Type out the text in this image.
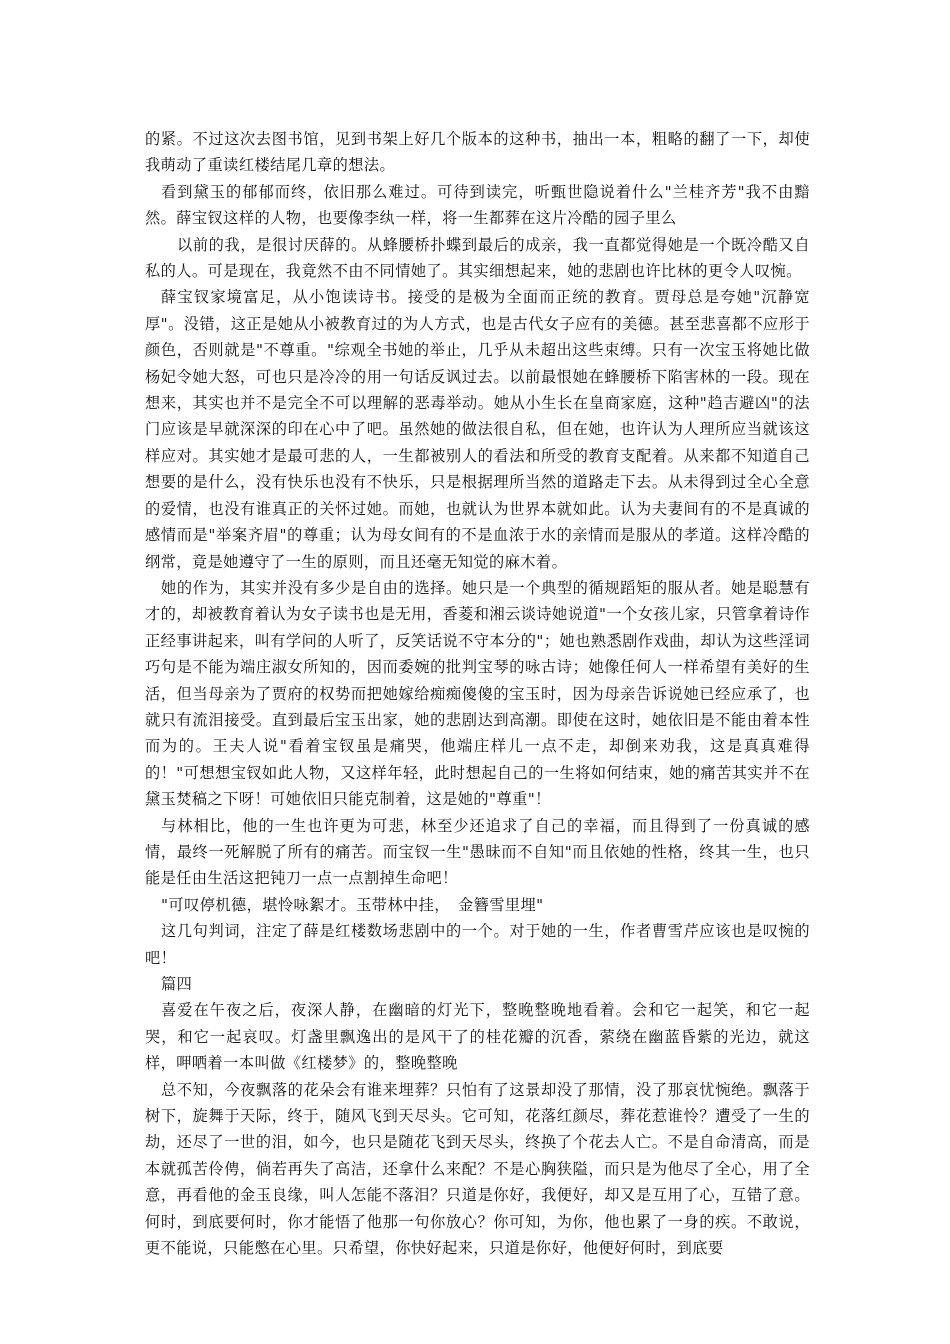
的紧。不过这次去图书馆，见到书架上好几个版本的这种书，抽出一本，粗略的翻了一下，却使我萌动了重读红楼结尾几章的想法。

看到黛玉的郁郁而终，依旧那么难过。可待到读完，听甄世隐说着什么"兰桂齐芳"我不由黯然。薛宝钗这样的人物，也要像李纨一样，将一生都葬在这片冷酷的园子里么

以前的我，是很讨厌薛的。从蜂腰桥扑蝶到最后的成亲，我一直都觉得她是一个既冷酷又自私的人。可是现在，我竟然不由不同情她了。其实细想起来，她的悲剧也许比林的更令人叹惋。

薛宝钗家境富足，从小饱读诗书。接受的是极为全面而正统的教育。贾母总是夸她"沉静宽厚"。没错，这正是她从小被教育过的为人方式，也是古代女子应有的美德。甚至悲喜都不应形于颜色，否则就是"不尊重。"综观全书她的举止，几乎从未超出这些束缚。只有一次宝玉将她比做杨妃令她大怒，可也只是冷冷的用一句话反讽过去。以前最恨她在蜂腰桥下陷害林的一段。现在想来，其实也并不是完全不可以理解的恶毒举动。她从小生长在皇商家庭，这种"趋吉避凶"的法门应该是早就深深的印在心中了吧。虽然她的做法很自私，但在她，也许认为人理所应当就该这样应对。其实她才是最可悲的人，一生都被别人的看法和所受的教育支配着。从来都不知道自己想要的是什么，没有快乐也没有不快乐，只是根据理所当然的道路走下去。从未得到过全心全意的爱情，也没有谁真正的关怀过她。而她，也就认为世界本就如此。认为夫妻间有的不是真诚的感情而是"举案齐眉"的尊重；认为母女间有的不是血浓于水的亲情而是服从的孝道。这样冷酷的纲常，竟是她遵守了一生的原则，而且还毫无知觉的麻木着。

她的作为，其实并没有多少是自由的选择。她只是一个典型的循规蹈矩的服从者。她是聪慧有才的，却被教育着认为女子读书也是无用，香菱和湘云谈诗她说道"一个女孩儿家，只管拿着诗作正经事讲起来，叫有学问的人听了，反笑话说不守本分的"；她也熟悉剧作戏曲，却认为这些淫词巧句是不能为端庄淑女所知的，因而委婉的批判宝琴的咏古诗；她像任何人一样希望有美好的生活，但当母亲为了贾府的权势而把她嫁给痴痴傻傻的宝玉时，因为母亲告诉说她已经应承了，也就只有流泪接受。直到最后宝玉出家，她的悲剧达到高潮。即使在这时，她依旧是不能由着本性而为的。王夫人说"看着宝钗虽是痛哭，他端庄样儿一点不走，却倒来劝我，这是真真难得的！"可想想宝钗如此人物，又这样年轻，此时想起自己的一生将如何结束，她的痛苦其实并不在黛玉焚稿之下呀！可她依旧只能克制着，这是她的"尊重"！

与林相比，他的一生也许更为可悲，林至少还追求了自己的幸福，而且得到了一份真诚的感情，最终一死解脱了所有的痛苦。而宝钗一生"愚昧而不自知"而且依她的性格，终其一生，也只能是任由生活这把钝刀一点一点割掉生命吧！

"可叹停机德，堪怜咏絮才。玉带林中挂，　金簪雪里埋"

这几句判词，注定了薛是红楼数场悲剧中的一个。对于她的一生，作者曹雪芹应该也是叹惋的吧！

篇四

喜爱在午夜之后，夜深人静，在幽暗的灯光下，整晚整晚地看着。会和它一起笑，和它一起哭，和它一起哀叹。灯盏里飘逸出的是风干了的桂花瓣的沉香，萦绕在幽蓝昏紫的光边，就这样，呷哂着一本叫做《红楼梦》的，整晚整晚

总不知，今夜飘落的花朵会有谁来埋葬？只怕有了这景却没了那情，没了那哀忧惋绝。飘落于树下，旋舞于天际，终于，随风飞到天尽头。它可知，花落红颜尽，葬花惹谁怜？遭受了一生的劫，还尽了一世的泪，如今，也只是随花飞到天尽头，终换了个花去人亡。不是自命清高，而是本就孤苦伶俜，倘若再失了高洁，还拿什么来配？不是心胸狭隘，而只是为他尽了全心，用了全意，再看他的金玉良缘，叫人怎能不落泪？只道是你好，我便好，却又是互用了心，互错了意。何时，到底要何时，你才能悟了他那一句你放心？你可知，为你，他也累了一身的疾。不敢说，更不能说，只能憋在心里。只希望，你快好起来，只道是你好，他便好何时，到底要
